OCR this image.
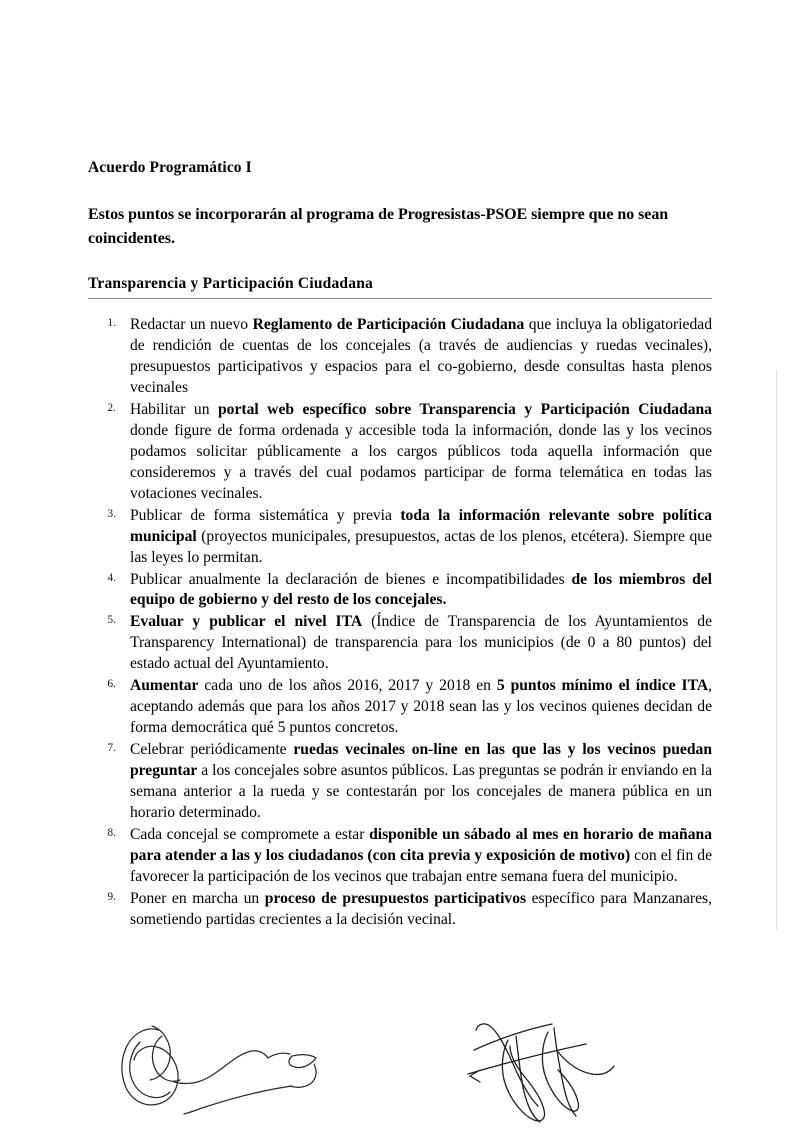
Acuerdo Programático I

Estos puntos se incorporarán al programa de Progresistas-PSOE siempre que no sean coincidentes.

Transparencia y Participación Ciudadana
1. Redactar un nuevo Reglamento de Participación Ciudadana que incluya la obligatoriedad de rendición de cuentas de los concejales (a través de audiencias y ruedas vecinales), presupuestos participativos y espacios para el co-gobierno, desde consultas hasta plenos vecinales
2. Habilitar un portal web específico sobre Transparencia y Participación Ciudadana donde figure de forma ordenada y accesible toda la información, donde las y los vecinos podamos solicitar públicamente a los cargos públicos toda aquella información que consideremos y a través del cual podamos participar de forma telemática en todas las votaciones vecinales.
3. Publicar de forma sistemática y previa toda la información relevante sobre política municipal (proyectos municipales, presupuestos, actas de los plenos, etcétera). Siempre que las leyes lo permitan.
4. Publicar anualmente la declaración de bienes e incompatibilidades de los miembros del equipo de gobierno y del resto de los concejales.
5. Evaluar y publicar el nivel ITA (Índice de Transparencia de los Ayuntamientos de Transparency International) de transparencia para los municipios (de 0 a 80 puntos) del estado actual del Ayuntamiento.
6. Aumentar cada uno de los años 2016, 2017 y 2018 en 5 puntos mínimo el índice ITA, aceptando además que para los años 2017 y 2018 sean las y los vecinos quienes decidan de forma democrática qué 5 puntos concretos.
7. Celebrar periódicamente ruedas vecinales on-line en las que las y los vecinos puedan preguntar a los concejales sobre asuntos públicos. Las preguntas se podrán ir enviando en la semana anterior a la rueda y se contestarán por los concejales de manera pública en un horario determinado.
8. Cada concejal se compromete a estar disponible un sábado al mes en horario de mañana para atender a las y los ciudadanos (con cita previa y exposición de motivo) con el fin de favorecer la participación de los vecinos que trabajan entre semana fuera del municipio.
9. Poner en marcha un proceso de presupuestos participativos específico para Manzanares, sometiendo partidas crecientes a la decisión vecinal.
